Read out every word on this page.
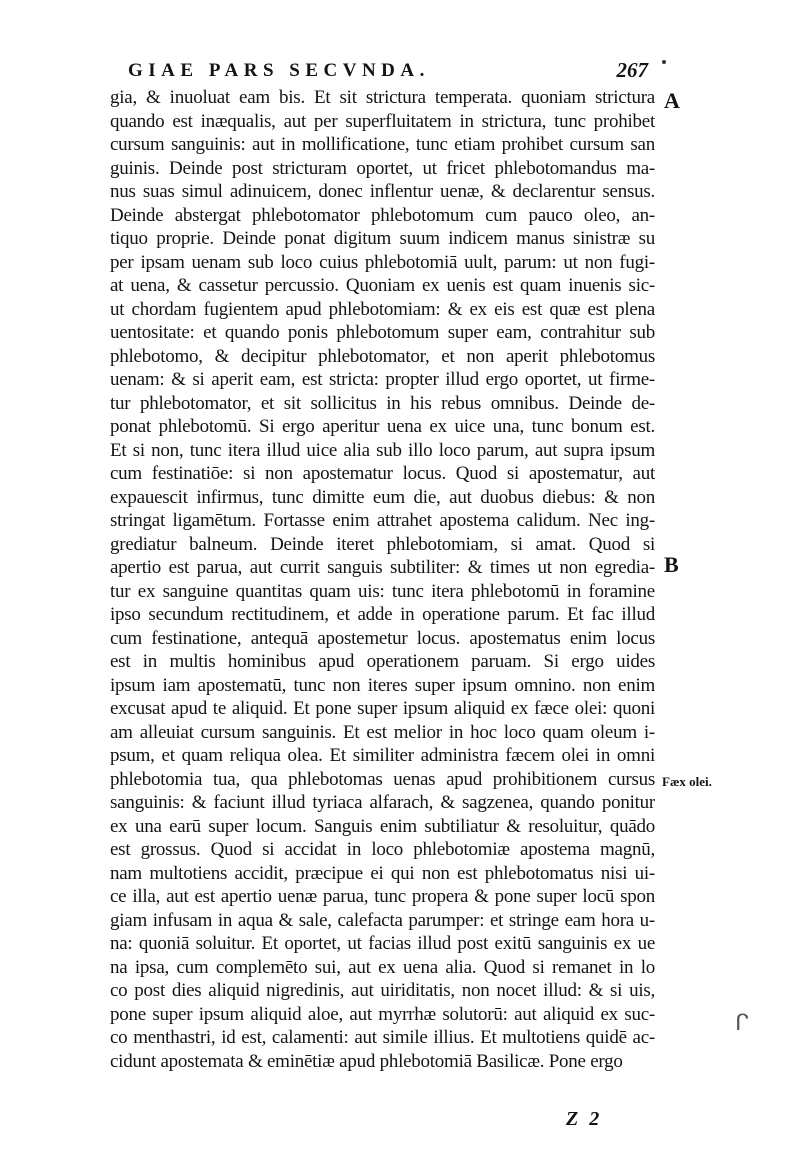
GIAE PARS SECVNDA.	267
gia, & inuoluat eam bis. Et sit strictura temperata. quoniam strictura
quando est inæqualis, aut per superfluitatem in strictura, tunc prohibet
cursum sanguinis: aut in mollificatione, tunc etiam prohibet cursum san
guinis. Deinde post stricturam oportet, ut fricet phlebotomandus ma-
nus suas simul adinuicem, donec inflentur uenæ, & declarentur sensus.
Deinde abstergat phlebotomator phlebotomum cum pauco oleo, an-
tiquo proprie. Deinde ponat digitum suum indicem manus sinistræ su
per ipsam uenam sub loco cuius phlebotomiā uult, parum: ut non fugi-
at uena, & cassetur percussio. Quoniam ex uenis est quam inuenis sic-
ut chordam fugientem apud phlebotomiam: & ex eis est quæ est plena
uentositate: et quando ponis phlebotomum super eam, contrahitur sub
phlebotomo, & decipitur phlebotomator, et non aperit phlebotomus
uenam: & si aperit eam, est stricta: propter illud ergo oportet, ut firme-
tur phlebotomator, et sit sollicitus in his rebus omnibus. Deinde de-
ponat phlebotomū. Si ergo aperitur uena ex uice una, tunc bonum est.
Et si non, tunc itera illud uice alia sub illo loco parum, aut supra ipsum
cum festinatiōe: si non apostematur locus. Quod si apostematur, aut
expauescit infirmus, tunc dimitte eum die, aut duobus diebus: & non
stringat ligamētum. Fortasse enim attrahet apostema calidum. Nec ing-
grediatur balneum. Deinde iteret phlebotomiam, si amat. Quod si
apertio est parua, aut currit sanguis subtiliter: & times ut non egredia-
tur ex sanguine quantitas quam uis: tunc itera phlebotomū in foramine
ipso secundum rectitudinem, et adde in operatione parum. Et fac illud
cum festinatione, antequā apostemetur locus. apostematus enim locus
est in multis hominibus apud operationem paruam. Si ergo uides
ipsum iam apostematū, tunc non iteres super ipsum omnino. non enim
excusat apud te aliquid. Et pone super ipsum aliquid ex fæce olei: quoni
am alleuiat cursum sanguinis. Et est melior in hoc loco quam oleum i-
psum, et quam reliqua olea. Et similiter administra fæcem olei in omni
phlebotomia tua, qua phlebotomas uenas apud prohibitionem cursus
sanguinis: & faciunt illud tyriaca alfarach, & sagzenea, quando ponitur
ex una earū super locum. Sanguis enim subtiliatur & resoluitur, quādo
est grossus. Quod si accidat in loco phlebotomiæ apostema magnū,
nam multotiens accidit, præcipue ei qui non est phlebotomatus nisi ui-
ce illa, aut est apertio uenæ parua, tunc propera & pone super locū spon
giam infusam in aqua & sale, calefacta parumper: et stringe eam hora u-
na: quoniā soluitur. Et oportet, ut facias illud post exitū sanguinis ex ue
na ipsa, cum complemēto sui, aut ex uena alia. Quod si remanet in lo
co post dies aliquid nigredinis, aut uiriditatis, non nocet illud: & si uis,
pone super ipsum aliquid aloe, aut myrrhæ solutorū: aut aliquid ex suc-
co menthastri, id est, calamenti: aut simile illius. Et multotiens quidē ac-
cidunt apostemata & eminētiæ apud phlebotomiā Basilicæ. Pone ergo
A
B
Fæx olei.
ᒋ
Z 2
